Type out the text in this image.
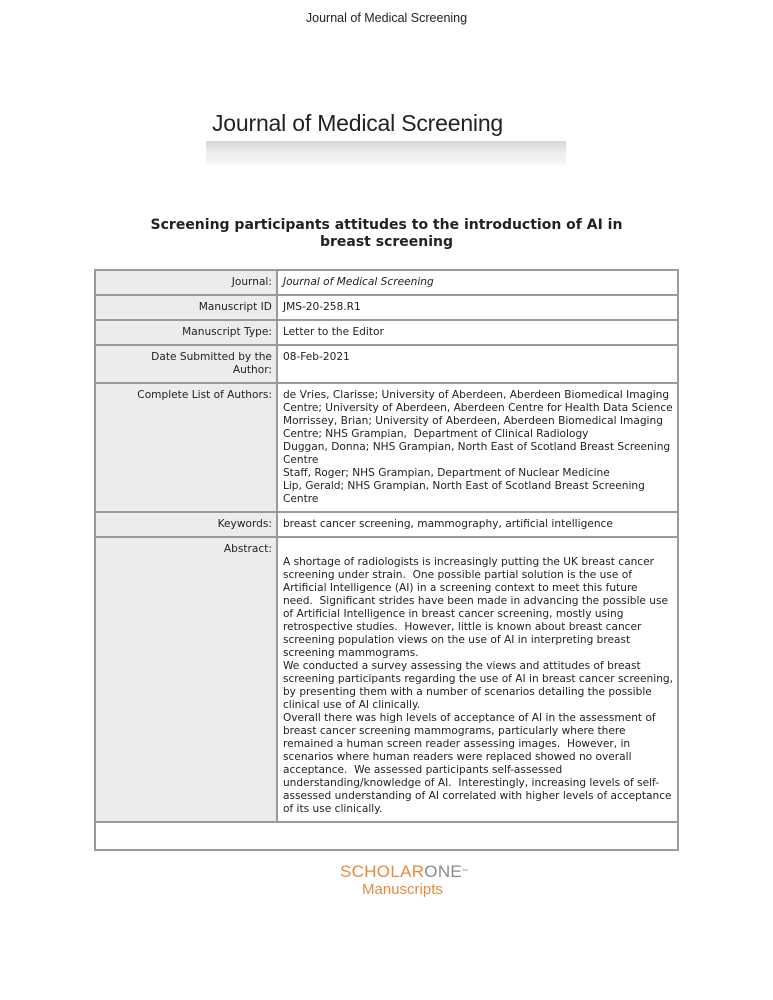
Journal of Medical Screening
Journal of Medical Screening
Screening participants attitudes to the introduction of AI in
breast screening
Journal:	Journal of Medical Screening
Manuscript ID	JMS-20-258.R1
Manuscript Type:	Letter to the Editor

Date Submitted by the
Author:	08-Feb-2021
Complete List of Authors:	de Vries, Clarisse; University of Aberdeen, Aberdeen Biomedical Imaging
Centre; University of Aberdeen, Aberdeen Centre for Health Data Science
Morrissey, Brian; University of Aberdeen, Aberdeen Biomedical Imaging
Centre; NHS Grampian,  Department of Clinical Radiology
Duggan, Donna; NHS Grampian, North East of Scotland Breast Screening
Centre
Staff, Roger; NHS Grampian, Department of Nuclear Medicine
Lip, Gerald; NHS Grampian, North East of Scotland Breast Screening
Centre

Keywords:	breast cancer screening, mammography, artificial intelligence
Abstract:	

A shortage of radiologists is increasingly putting the UK breast cancer
screening under strain.  One possible partial solution is the use of
Artificial Intelligence (AI) in a screening context to meet this future
need.  Significant strides have been made in advancing the possible use
of Artificial Intelligence in breast cancer screening, mostly using
retrospective studies.  However, little is known about breast cancer
screening population views on the use of AI in interpreting breast
screening mammograms.
We conducted a survey assessing the views and attitudes of breast
screening participants regarding the use of AI in breast cancer screening,
by presenting them with a number of scenarios detailing the possible
clinical use of AI clinically.
Overall there was high levels of acceptance of AI in the assessment of
breast cancer screening mammograms, particularly where there
remained a human screen reader assessing images.  However, in
scenarios where human readers were replaced showed no overall
acceptance.  We assessed participants self-assessed
understanding/knowledge of AI.  Interestingly, increasing levels of self-
assessed understanding of AI correlated with higher levels of acceptance
of its use clinically.

SCHOLARONE™
Manuscripts
